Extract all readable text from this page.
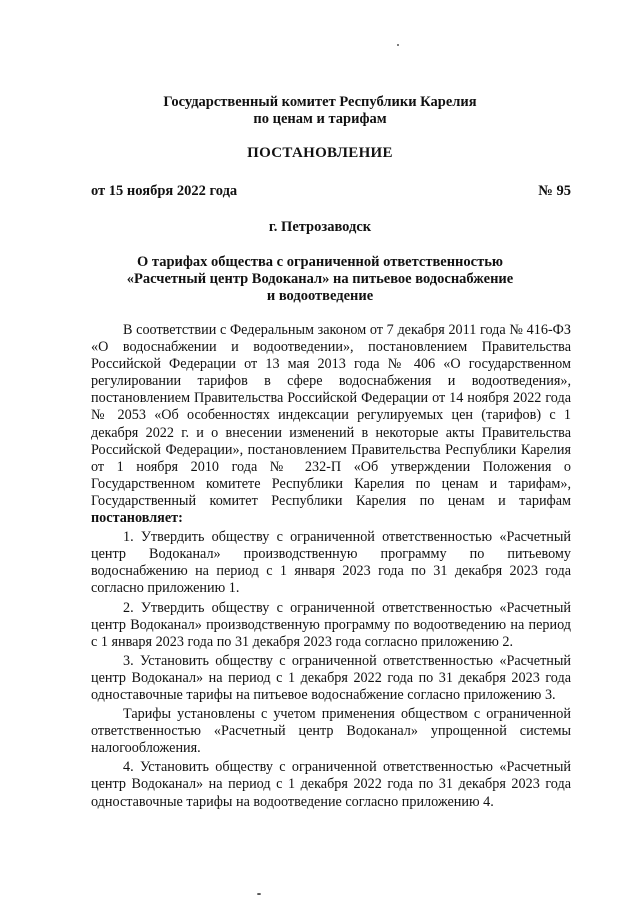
Государственный комитет Республики Карелия
по ценам и тарифам
ПОСТАНОВЛЕНИЕ
от 15 ноября 2022 года	№ 95
г. Петрозаводск
О тарифах общества с ограниченной ответственностью
«Расчетный центр Водоканал» на питьевое водоснабжение
и водоотведение

В соответствии с Федеральным законом от 7 декабря 2011 года № 416-ФЗ «О водоснабжении и водоотведении», постановлением Правительства Российской Федерации от 13 мая 2013 года № 406 «О государственном регулировании тарифов в сфере водоснабжения и водоотведения», постановлением Правительства Российской Федерации от 14 ноября 2022 года № 2053 «Об особенностях индексации регулируемых цен (тарифов) с 1 декабря 2022 г. и о внесении изменений в некоторые акты Правительства Российской Федерации», постановлением Правительства Республики Карелия от 1 ноября 2010 года № 232-П «Об утверждении Положения о Государственном комитете Республики Карелия по ценам и тарифам», Государственный комитет Республики Карелия по ценам и тарифам постановляет:

1. Утвердить обществу с ограниченной ответственностью «Расчетный центр Водоканал» производственную программу по питьевому водоснабжению на период с 1 января 2023 года по 31 декабря 2023 года согласно приложению 1.

2. Утвердить обществу с ограниченной ответственностью «Расчетный центр Водоканал» производственную программу по водоотведению на период с 1 января 2023 года по 31 декабря 2023 года согласно приложению 2.

3. Установить обществу с ограниченной ответственностью «Расчетный центр Водоканал» на период с 1 декабря 2022 года по 31 декабря 2023 года одноставочные тарифы на питьевое водоснабжение согласно приложению 3.

Тарифы установлены с учетом применения обществом с ограниченной ответственностью «Расчетный центр Водоканал» упрощенной системы налогообложения.

4. Установить обществу с ограниченной ответственностью «Расчетный центр Водоканал» на период с 1 декабря 2022 года по 31 декабря 2023 года одноставочные тарифы на водоотведение согласно приложению 4.
